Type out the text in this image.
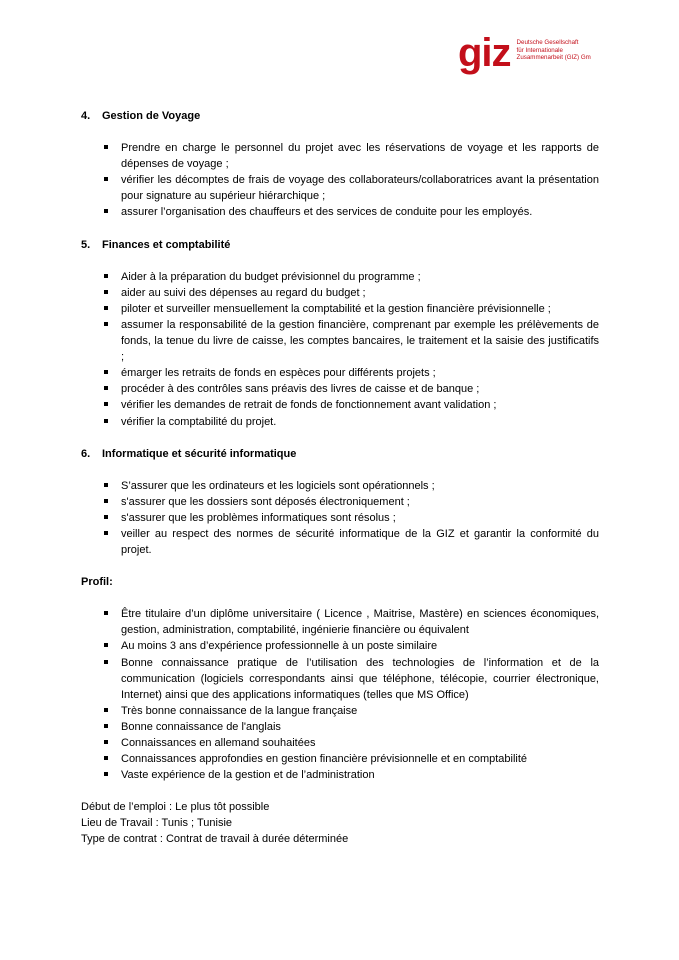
giz Deutsche Gesellschaft
für Internationale
Zusammenarbeit (GIZ) Gm
4.	Gestion de Voyage
Prendre en charge le personnel du projet avec les réservations de voyage et les rapports de dépenses de voyage ;
vérifier les décomptes de frais de voyage des collaborateurs/collaboratrices avant la présentation pour signature au supérieur hiérarchique ;
assurer l’organisation des chauffeurs et des services de conduite pour les employés.
5.	Finances et comptabilité
Aider à la préparation du budget prévisionnel du programme ;
aider au suivi des dépenses au regard du budget ;
piloter et surveiller mensuellement la comptabilité et la gestion financière prévisionnelle ;
assumer la responsabilité de la gestion financière, comprenant par exemple les prélèvements de fonds, la tenue du livre de caisse, les comptes bancaires, le traitement et la saisie des justificatifs ;
émarger les retraits de fonds en espèces pour différents projets ;
procéder à des contrôles sans préavis des livres de caisse et de banque ;
vérifier les demandes de retrait de fonds de fonctionnement avant validation ;
vérifier la comptabilité du projet.
6.	Informatique et sécurité informatique
S’assurer que les ordinateurs et les logiciels sont opérationnels ;
s'assurer que les dossiers sont déposés électroniquement ;
s'assurer que les problèmes informatiques sont résolus ;
veiller au respect des normes de sécurité informatique de la GIZ et garantir la conformité du projet.
Profil:
Être titulaire d’un diplôme universitaire ( Licence , Maitrise, Mastère) en sciences économiques, gestion, administration, comptabilité, ingénierie financière ou équivalent
Au moins 3 ans d’expérience professionnelle à un poste similaire
Bonne connaissance pratique de l’utilisation des technologies de l’information et de la communication (logiciels correspondants ainsi que téléphone, télécopie, courrier électronique, Internet) ainsi que des applications informatiques (telles que MS Office)
Très bonne connaissance de la langue française
Bonne connaissance de l'anglais
Connaissances en allemand souhaitées
Connaissances approfondies en gestion financière prévisionnelle et en comptabilité
Vaste expérience de la gestion et de l’administration
Début de l’emploi : Le plus tôt possible
Lieu de Travail : Tunis ; Tunisie
Type de contrat : Contrat de travail à durée déterminée
